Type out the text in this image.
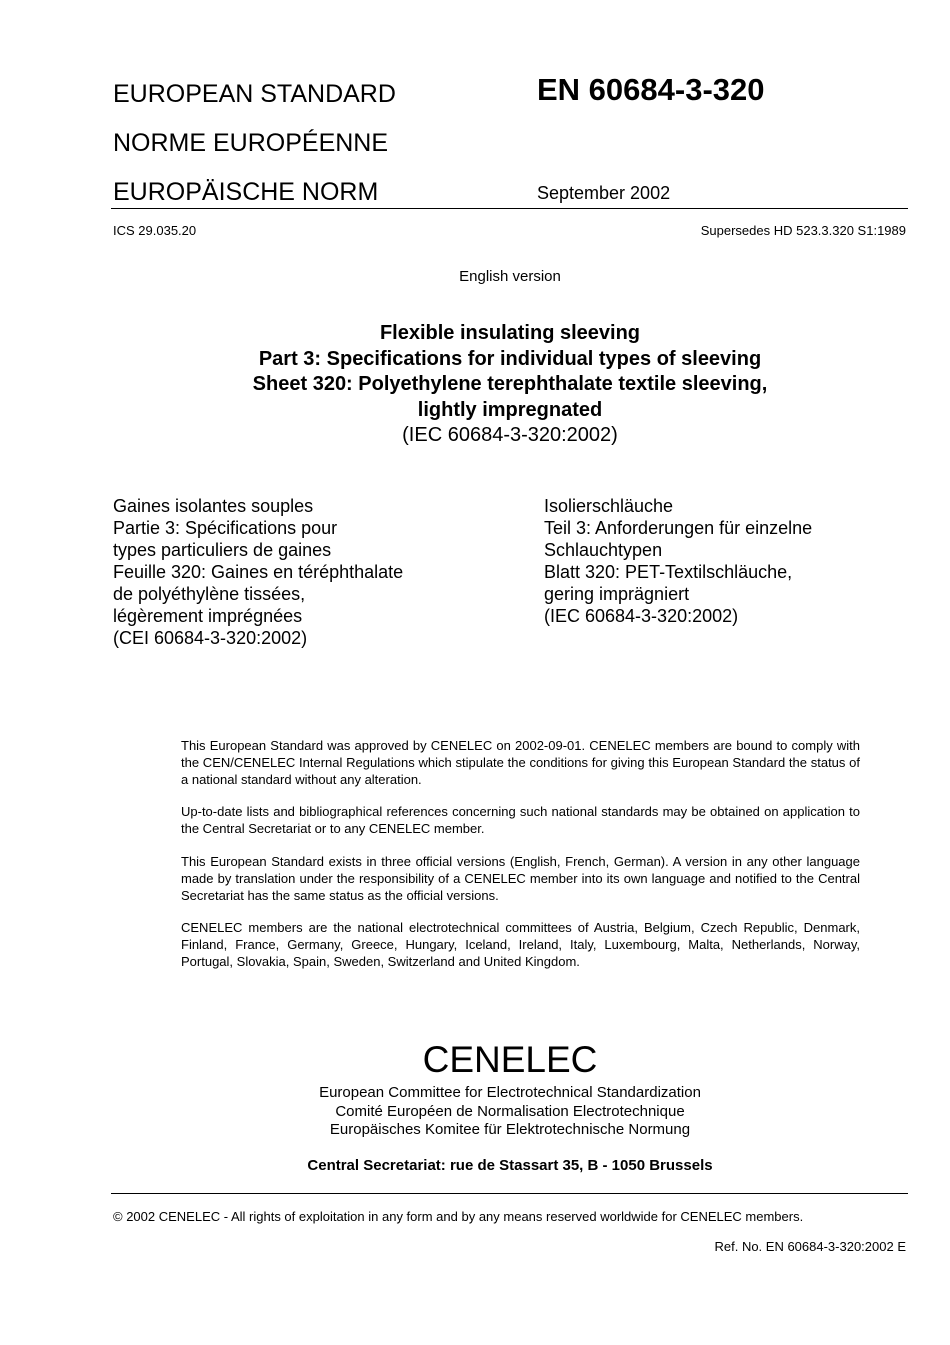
EUROPEAN STANDARD
NORME EUROPÉENNE
EUROPÄISCHE NORM
EN 60684-3-320
September 2002
ICS 29.035.20	Supersedes HD 523.3.320 S1:1989
English version
Flexible insulating sleeving
Part 3: Specifications for individual types of sleeving
Sheet 320: Polyethylene terephthalate textile sleeving,
lightly impregnated
(IEC 60684-3-320:2002)
Gaines isolantes souples
Partie 3: Spécifications pour
types particuliers de gaines
Feuille 320: Gaines en téréphthalate
de polyéthylène tissées,
légèrement imprégnées
(CEI 60684-3-320:2002)
Isolierschläuche
Teil 3: Anforderungen für einzelne
Schlauchtypen
Blatt 320: PET-Textilschläuche,
gering imprägniert
(IEC 60684-3-320:2002)

This European Standard was approved by CENELEC on 2002-09-01. CENELEC members are bound to comply with the CEN/CENELEC Internal Regulations which stipulate the conditions for giving this European Standard the status of a national standard without any alteration.

Up-to-date lists and bibliographical references concerning such national standards may be obtained on application to the Central Secretariat or to any CENELEC member.

This European Standard exists in three official versions (English, French, German). A version in any other language made by translation under the responsibility of a CENELEC member into its own language and notified to the Central Secretariat has the same status as the official versions.

CENELEC members are the national electrotechnical committees of Austria, Belgium, Czech Republic, Denmark, Finland, France, Germany, Greece, Hungary, Iceland, Ireland, Italy, Luxembourg, Malta, Netherlands, Norway, Portugal, Slovakia, Spain, Sweden, Switzerland and United Kingdom.

CENELEC
European Committee for Electrotechnical Standardization
Comité Européen de Normalisation Electrotechnique
Europäisches Komitee für Elektrotechnische Normung
Central Secretariat: rue de Stassart 35, B - 1050 Brussels
© 2002 CENELEC - All rights of exploitation in any form and by any means reserved worldwide for CENELEC members.
Ref. No. EN 60684-3-320:2002 E
